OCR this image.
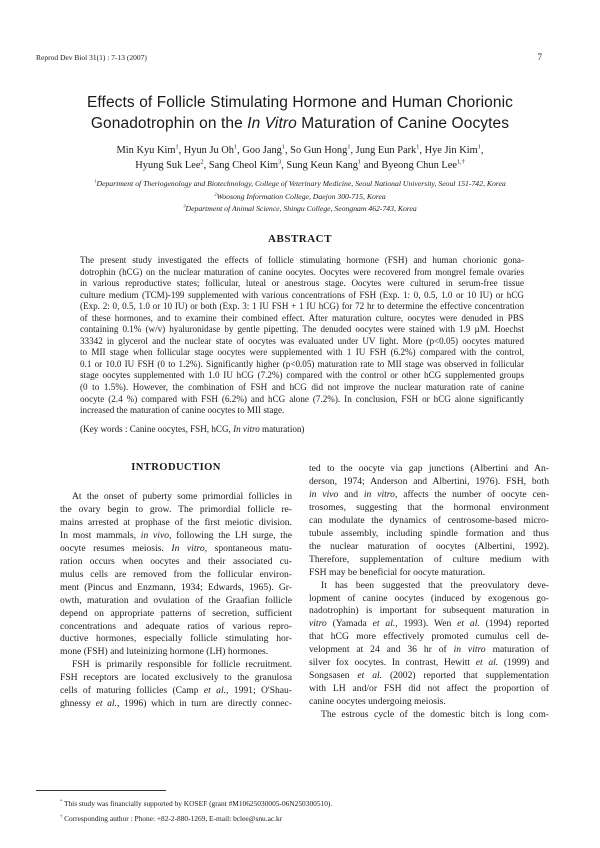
Reprod Dev Biol 31(1) : 7-13 (2007)	7
Effects of Follicle Stimulating Hormone and Human Chorionic
Gonadotrophin on the In Vitro Maturation of Canine Oocytes
Min Kyu Kim$^1$, Hyun Ju Oh$^1$, Goo Jang$^1$, So Gun Hong$^1$, Jung Eun Park$^1$, Hye Jin Kim$^1$,
Hyung Suk Lee$^2$, Sang Cheol Kim$^3$, Sung Keun Kang$^1$ and Byeong Chun Lee$^{1,\dagger}$
$^1$Department of Theriogenology and Biotechnology, College of Veterinary Medicine, Seoul National University, Seoul 151-742, Korea
$^2$Woosong Information College, Daejon 300-715, Korea
$^3$Department of Animal Science, Shingu College, Seongnam 462-743, Korea
ABSTRACT
The present study investigated the effects of follicle stimulating hormone (FSH) and human chorionic gona-
dotrophin (hCG) on the nuclear maturation of canine oocytes. Oocytes were recovered from mongrel female ovaries
in various reproductive states; follicular, luteal or anestrous stage. Oocytes were cultured in serum-free tissue
culture medium (TCM)-199 supplemented with various concentrations of FSH (Exp. 1: 0, 0.5, 1.0 or 10 IU) or hCG
(Exp. 2: 0, 0.5, 1.0 or 10 IU) or both (Exp. 3: 1 IU FSH + 1 IU hCG) for 72 hr to determine the effective concentration
of these hormones, and to examine their combined effect. After maturation culture, oocytes were denuded in PBS
containing 0.1% (w/v) hyaluronidase by gentle pipetting. The denuded oocytes were stained with 1.9 µM. Hoechst
33342 in glycerol and the nuclear state of oocytes was evaluated under UV light. More (p<0.05) oocytes matured
to MII stage when follicular stage oocytes were supplemented with 1 IU FSH (6.2%) compared with the control,
0.1 or 10.0 IU FSH (0 to 1.2%). Significantly higher (p<0.05) maturation rate to MII stage was observed in follicular
stage oocytes supplemented with 1.0 IU hCG (7.2%) compared with the control or other hCG supplemented groups
(0 to 1.5%). However, the combination of FSH and hCG did not improve the nuclear maturation rate of canine
oocyte (2.4 %) compared with FSH (6.2%) and hCG alone (7.2%). In conclusion, FSH or hCG alone significantly
increased the maturation of canine oocytes to MII stage.
(Key words : Canine oocytes, FSH, hCG, In vitro maturation)
INTRODUCTION
At the onset of puberty some primordial follicles in
the ovary begin to grow. The primordial follicle re-
mains arrested at prophase of the first meiotic division.
In most mammals, in vivo, following the LH surge, the
oocyte resumes meiosis. In vitro, spontaneous matu-
ration occurs when oocytes and their associated cu-
mulus cells are removed from the follicular environ-
ment (Pincus and Enzmann, 1934; Edwards, 1965). Gr-
owth, maturation and ovulation of the Graafian follicle
depend on appropriate patterns of secretion, sufficient
concentrations and adequate ratios of various repro-
ductive hormones, especially follicle stimulating hor-
mone (FSH) and luteinizing hormone (LH) hormones.
FSH is primarily responsible for follicle recruitment.
FSH receptors are located exclusively to the granulosa
cells of maturing follicles (Camp et al., 1991; O'Shau-
ghnessy et al., 1996) which in turn are directly connec-
ted to the oocyte via gap junctions (Albertini and An-
derson, 1974; Anderson and Albertini, 1976). FSH, both
in vivo and in vitro, affects the number of oocyte cen-
trosomes, suggesting that the hormonal environment
can modulate the dynamics of centrosome-based micro-
tubule assembly, including spindle formation and thus
the nuclear maturation of oocytes (Albertini, 1992).
Therefore, supplementation of culture medium with
FSH may be beneficial for oocyte maturation.
It has been suggested that the preovulatory deve-
lopment of canine oocytes (induced by exogenous go-
nadotrophin) is important for subsequent maturation in
vitro (Yamada et al., 1993). Wen et al. (1994) reported
that hCG more effectively promoted cumulus cell de-
velopment at 24 and 36 hr of in vitro maturation of
silver fox oocytes. In contrast, Hewitt et al. (1999) and
Songsasen et al. (2002) reported that supplementation
with LH and/or FSH did not affect the proportion of
canine oocytes undergoing meiosis.
The estrous cycle of the domestic bitch is long com-
* This study was financially supported by KOSEF (grant #M10625030005-06N250300510).
† Corresponding author : Phone: +82-2-880-1269, E-mail: bclee@snu.ac.kr
